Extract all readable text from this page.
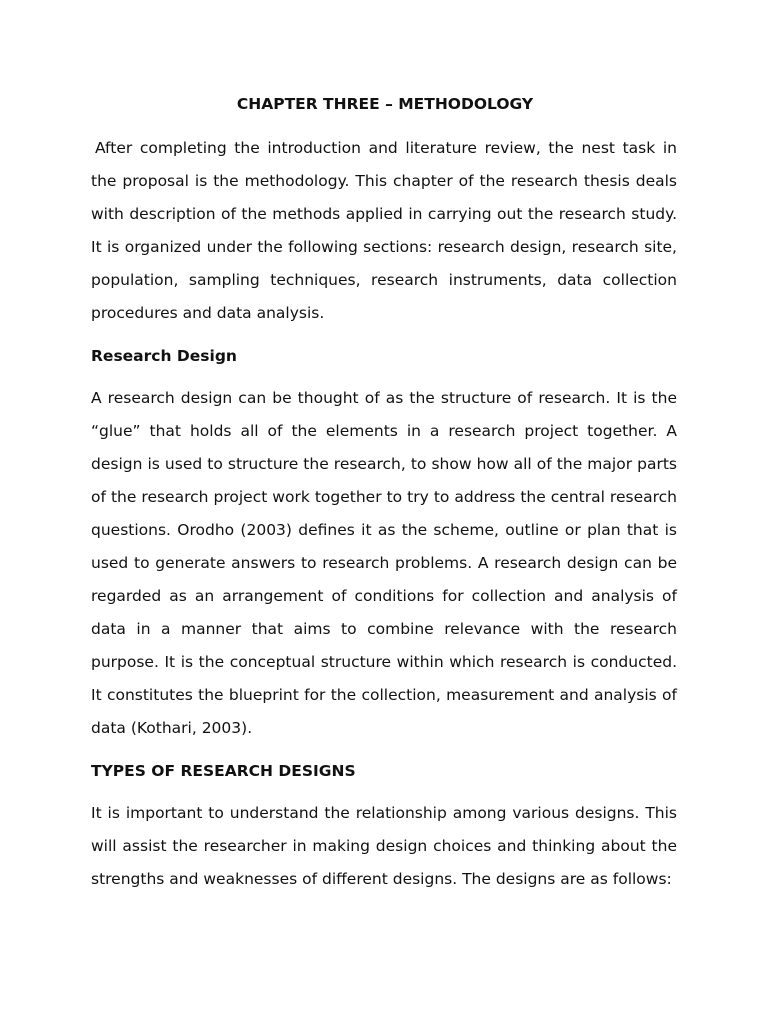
CHAPTER THREE – METHODOLOGY

After completing the introduction and literature review, the nest task in the proposal is the methodology. This chapter of the research thesis deals with description of the methods applied in carrying out the research study. It is organized under the following sections: research design, research site, population, sampling techniques, research instruments, data collection procedures and data analysis.

Research Design

A research design can be thought of as the structure of research. It is the “glue” that holds all of the elements in a research project together. A design is used to structure the research, to show how all of the major parts of the research project work together to try to address the central research questions. Orodho (2003) defines it as the scheme, outline or plan that is used to generate answers to research problems. A research design can be regarded as an arrangement of conditions for collection and analysis of data in a manner that aims to combine relevance with the research purpose. It is the conceptual structure within which research is conducted. It constitutes the blueprint for the collection, measurement and analysis of data (Kothari, 2003).

TYPES OF RESEARCH DESIGNS

It is important to understand the relationship among various designs. This will assist the researcher in making design choices and thinking about the strengths and weaknesses of different designs. The designs are as follows:
